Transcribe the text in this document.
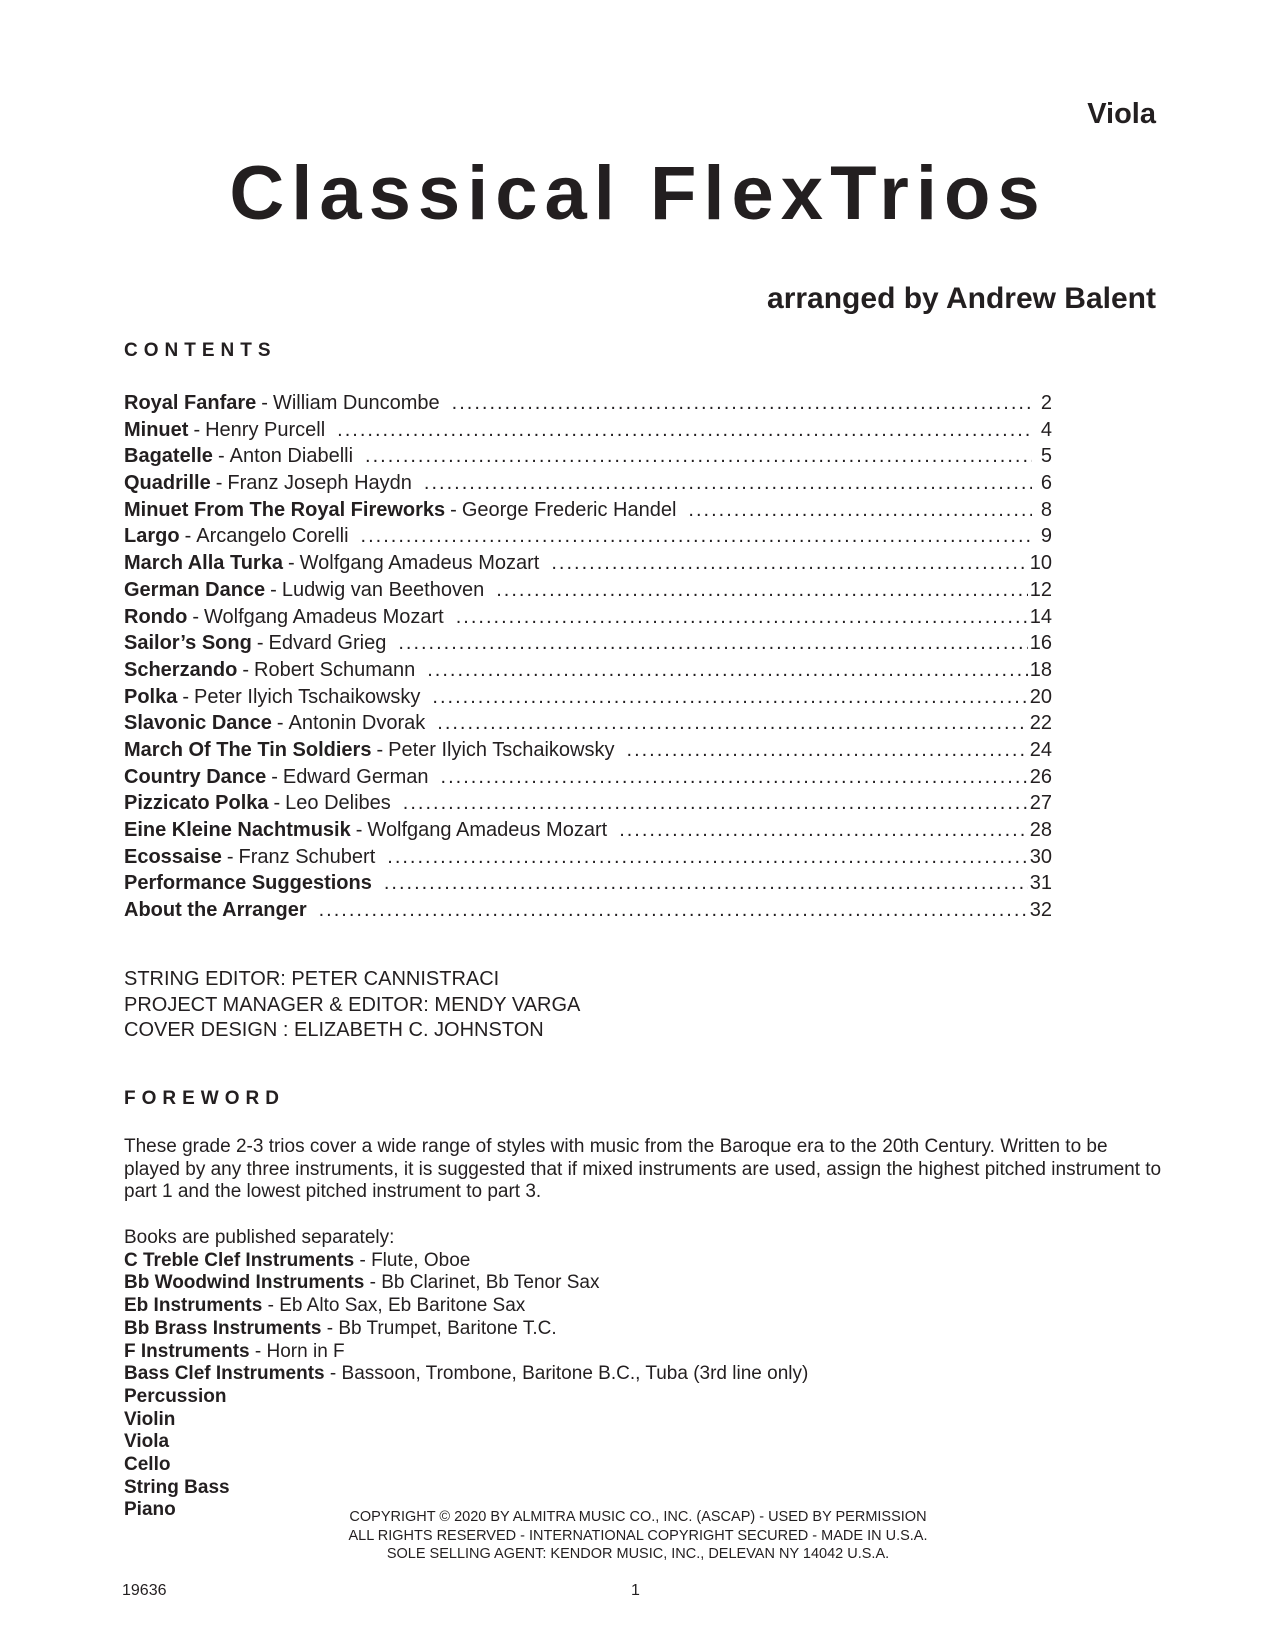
Viola
Classical FlexTrios
arranged by Andrew Balent
CONTENTS
Royal Fanfare - William Duncombe .....	2
Minuet - Henry Purcell .....	4
Bagatelle - Anton Diabelli .....	5
Quadrille - Franz Joseph Haydn .....	6
Minuet From The Royal Fireworks - George Frederic Handel .....	8
Largo - Arcangelo Corelli .....	9
March Alla Turka - Wolfgang Amadeus Mozart .....	10
German Dance - Ludwig van Beethoven .....	12
Rondo - Wolfgang Amadeus Mozart .....	14
Sailor’s Song - Edvard Grieg .....	16
Scherzando - Robert Schumann .....	18
Polka - Peter Ilyich Tschaikowsky .....	20
Slavonic Dance - Antonin Dvorak .....	22
March Of The Tin Soldiers - Peter Ilyich Tschaikowsky .....	24
Country Dance - Edward German .....	26
Pizzicato Polka - Leo Delibes .....	27
Eine Kleine Nachtmusik - Wolfgang Amadeus Mozart .....	28
Ecossaise - Franz Schubert .....	30
Performance Suggestions .....	31
About the Arranger .....	32
STRING EDITOR: PETER CANNISTRACI
PROJECT MANAGER & EDITOR: MENDY VARGA
COVER DESIGN : ELIZABETH C. JOHNSTON
FOREWORD

These grade 2-3 trios cover a wide range of styles with music from the Baroque era to the 20th Century. Written to be played by any three instruments, it is suggested that if mixed instruments are used, assign the highest pitched instrument to part 1 and the lowest pitched instrument to part 3.

Books are published separately:
C Treble Clef Instruments - Flute, Oboe
Bb Woodwind Instruments - Bb Clarinet, Bb Tenor Sax
Eb Instruments - Eb Alto Sax, Eb Baritone Sax
Bb Brass Instruments - Bb Trumpet, Baritone T.C.
F Instruments - Horn in F
Bass Clef Instruments - Bassoon, Trombone, Baritone B.C., Tuba (3rd line only)
Percussion
Violin
Viola
Cello
String Bass
Piano	COPYRIGHT © 2020 BY ALMITRA MUSIC CO., INC. (ASCAP) - USED BY PERMISSION
ALL RIGHTS RESERVED - INTERNATIONAL COPYRIGHT SECURED - MADE IN U.S.A.
SOLE SELLING AGENT: KENDOR MUSIC, INC., DELEVAN NY 14042 U.S.A.
19636	1
